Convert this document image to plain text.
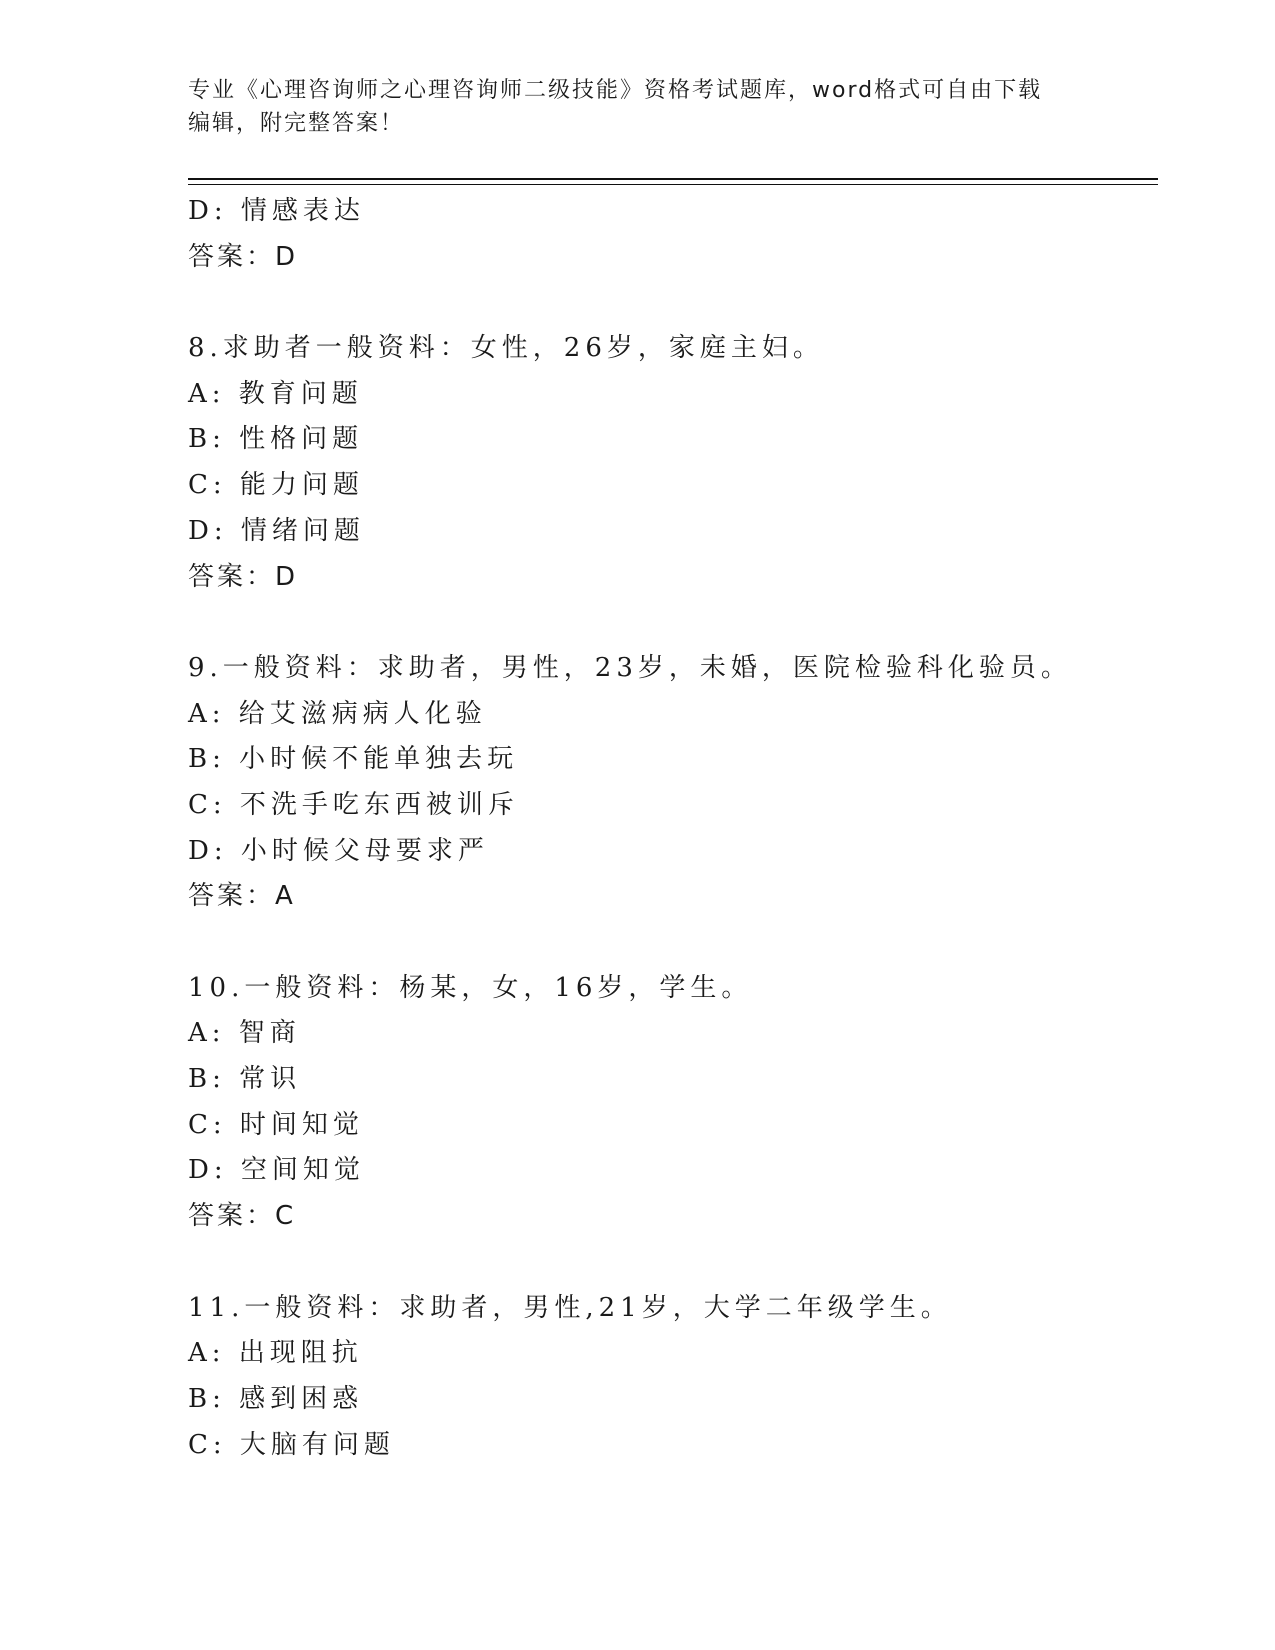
专业《心理咨询师之心理咨询师二级技能》资格考试题库，word格式可自由下载
编辑，附完整答案！
D: 情感表达
答案：D
8.求助者一般资料：女性，26岁，家庭主妇。
A: 教育问题
B: 性格问题
C: 能力问题
D: 情绪问题
答案：D
9.一般资料：求助者，男性，23岁，未婚，医院检验科化验员。
A: 给艾滋病病人化验
B: 小时候不能单独去玩
C: 不洗手吃东西被训斥
D: 小时候父母要求严
答案：A
10.一般资料：杨某，女，16岁，学生。
A: 智商
B: 常识
C: 时间知觉
D: 空间知觉
答案：C
11.一般资料：求助者，男性,21岁，大学二年级学生。
A: 出现阻抗
B: 感到困惑
C: 大脑有问题
